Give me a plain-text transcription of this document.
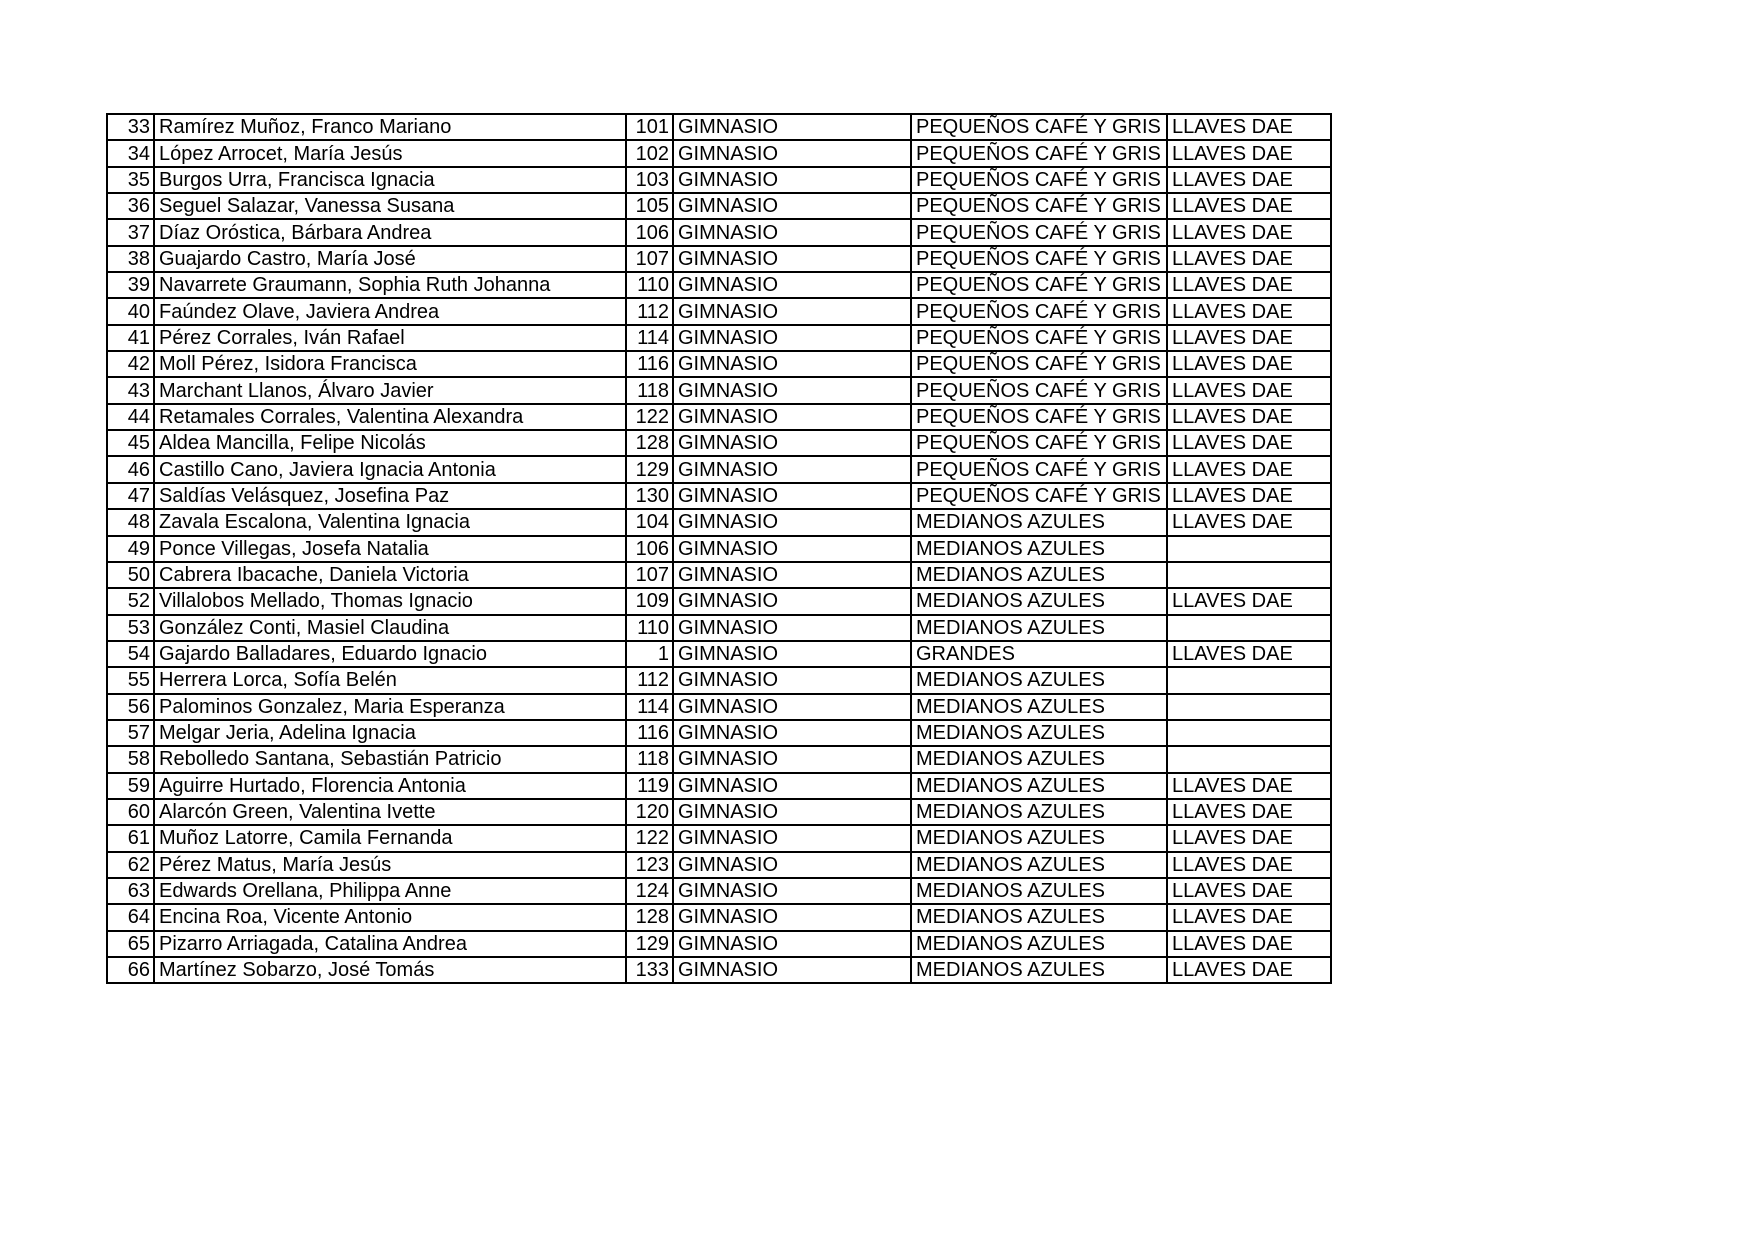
33	Ramírez Muñoz, Franco Mariano	101	GIMNASIO	PEQUEÑOS CAFÉ Y GRIS	LLAVES DAE
34	López Arrocet, María Jesús	102	GIMNASIO	PEQUEÑOS CAFÉ Y GRIS	LLAVES DAE
35	Burgos Urra, Francisca Ignacia	103	GIMNASIO	PEQUEÑOS CAFÉ Y GRIS	LLAVES DAE
36	Seguel Salazar, Vanessa Susana	105	GIMNASIO	PEQUEÑOS CAFÉ Y GRIS	LLAVES DAE
37	Díaz Oróstica, Bárbara Andrea	106	GIMNASIO	PEQUEÑOS CAFÉ Y GRIS	LLAVES DAE
38	Guajardo Castro, María José	107	GIMNASIO	PEQUEÑOS CAFÉ Y GRIS	LLAVES DAE
39	Navarrete Graumann, Sophia Ruth Johanna	110	GIMNASIO	PEQUEÑOS CAFÉ Y GRIS	LLAVES DAE
40	Faúndez Olave, Javiera Andrea	112	GIMNASIO	PEQUEÑOS CAFÉ Y GRIS	LLAVES DAE
41	Pérez Corrales, Iván Rafael	114	GIMNASIO	PEQUEÑOS CAFÉ Y GRIS	LLAVES DAE
42	Moll Pérez, Isidora Francisca	116	GIMNASIO	PEQUEÑOS CAFÉ Y GRIS	LLAVES DAE
43	Marchant Llanos, Álvaro Javier	118	GIMNASIO	PEQUEÑOS CAFÉ Y GRIS	LLAVES DAE
44	Retamales Corrales, Valentina Alexandra	122	GIMNASIO	PEQUEÑOS CAFÉ Y GRIS	LLAVES DAE
45	Aldea Mancilla, Felipe Nicolás	128	GIMNASIO	PEQUEÑOS CAFÉ Y GRIS	LLAVES DAE
46	Castillo Cano, Javiera Ignacia Antonia	129	GIMNASIO	PEQUEÑOS CAFÉ Y GRIS	LLAVES DAE
47	Saldías Velásquez, Josefina Paz	130	GIMNASIO	PEQUEÑOS CAFÉ Y GRIS	LLAVES DAE
48	Zavala Escalona, Valentina Ignacia	104	GIMNASIO	MEDIANOS AZULES	LLAVES DAE
49	Ponce Villegas, Josefa Natalia	106	GIMNASIO	MEDIANOS AZULES	
50	Cabrera Ibacache, Daniela Victoria	107	GIMNASIO	MEDIANOS AZULES	
52	Villalobos Mellado, Thomas Ignacio	109	GIMNASIO	MEDIANOS AZULES	LLAVES DAE
53	González Conti, Masiel Claudina	110	GIMNASIO	MEDIANOS AZULES	
54	Gajardo Balladares, Eduardo Ignacio	1	GIMNASIO	GRANDES	LLAVES DAE
55	Herrera Lorca, Sofía Belén	112	GIMNASIO	MEDIANOS AZULES	
56	Palominos Gonzalez, Maria Esperanza	114	GIMNASIO	MEDIANOS AZULES	
57	Melgar Jeria, Adelina Ignacia	116	GIMNASIO	MEDIANOS AZULES	
58	Rebolledo Santana, Sebastián Patricio	118	GIMNASIO	MEDIANOS AZULES	
59	Aguirre Hurtado, Florencia Antonia	119	GIMNASIO	MEDIANOS AZULES	LLAVES DAE
60	Alarcón Green, Valentina Ivette	120	GIMNASIO	MEDIANOS AZULES	LLAVES DAE
61	Muñoz Latorre, Camila Fernanda	122	GIMNASIO	MEDIANOS AZULES	LLAVES DAE
62	Pérez Matus, María Jesús	123	GIMNASIO	MEDIANOS AZULES	LLAVES DAE
63	Edwards Orellana, Philippa Anne	124	GIMNASIO	MEDIANOS AZULES	LLAVES DAE
64	Encina Roa, Vicente Antonio	128	GIMNASIO	MEDIANOS AZULES	LLAVES DAE
65	Pizarro Arriagada, Catalina Andrea	129	GIMNASIO	MEDIANOS AZULES	LLAVES DAE
66	Martínez Sobarzo, José Tomás	133	GIMNASIO	MEDIANOS AZULES	LLAVES DAE
